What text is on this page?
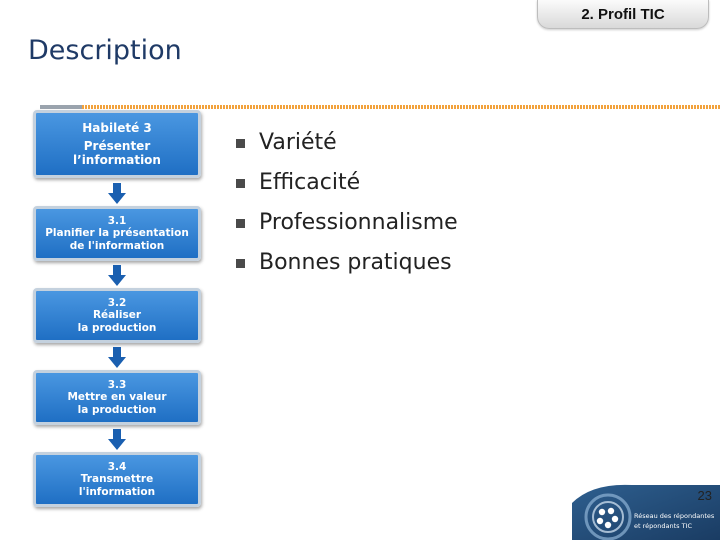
2. Profil TIC
Description
Habileté 3
Présenter
l’information
3.1
Planifier la présentation
de l'information
3.2
Réaliser
la production
3.3
Mettre en valeur
la production
3.4
Transmettre
l'information
Variété
Efficacité
Professionnalisme
Bonnes pratiques
Réseau des répondantes
et répondants TIC
23
